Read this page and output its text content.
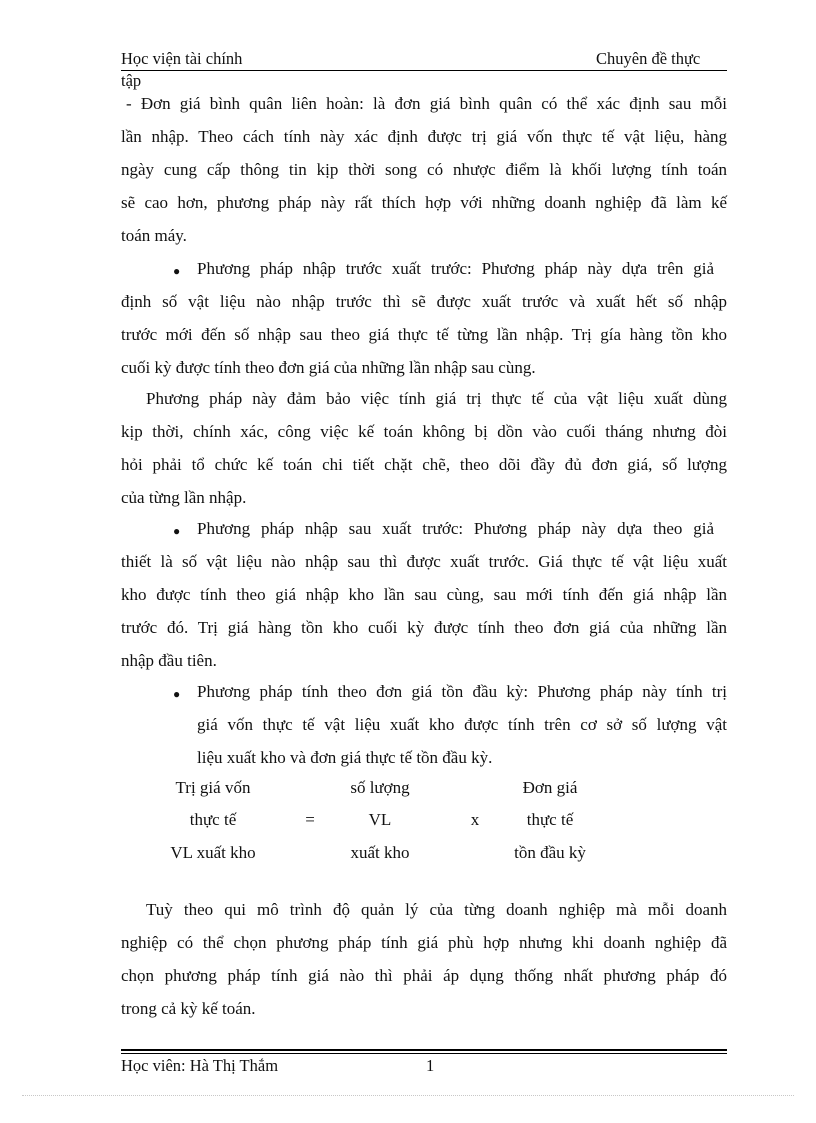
Học viện tài chính	Chuyên đề thực
tập
- Đơn giá bình quân liên hoàn: là đơn giá bình quân có thể xác định sau mỗi
lần nhập. Theo cách tính này xác định được trị giá vốn thực tế vật liệu, hàng
ngày cung cấp thông tin kịp thời song có nhược điểm là khối lượng tính toán
sẽ cao hơn, phương pháp này rất thích hợp với những doanh nghiệp đã làm kế
toán máy.
● Phương pháp nhập trước xuất trước: Phương pháp này dựa trên giả
định số vật liệu nào nhập trước thì sẽ được xuất trước và xuất hết số nhập
trước mới đến số nhập sau theo giá thực tế từng lần nhập. Trị gía hàng tồn kho
cuối kỳ được tính theo đơn giá của những lần nhập sau cùng.
Phương pháp này đảm bảo việc tính giá trị thực tế của vật liệu xuất dùng
kịp thời, chính xác, công việc kế toán không bị dồn vào cuối tháng nhưng đòi
hỏi phải tổ chức kế toán chi tiết chặt chẽ, theo dõi đầy đủ đơn giá, số lượng
của từng lần nhập.
● Phương pháp nhập sau xuất trước: Phương pháp này dựa theo giả
thiết là số vật liệu nào nhập sau thì được xuất trước. Giá thực tế vật liệu xuất
kho được tính theo giá nhập kho lần sau cùng, sau mới tính đến giá nhập lần
trước đó. Trị giá hàng tồn kho cuối kỳ được tính theo đơn giá của những lần
nhập đầu tiên.
● Phương pháp tính theo đơn giá tồn đầu kỳ: Phương pháp này tính trị
giá vốn thực tế vật liệu xuất kho được tính trên cơ sở số lượng vật
liệu xuất kho và đơn giá thực tế tồn đầu kỳ.
Trị giá vốn
thực tế
VL xuất kho
=
số lượng
VL
xuất kho
x
Đơn giá
thực tế
tồn đầu kỳ
Tuỳ theo qui mô trình độ quản lý của từng doanh nghiệp mà mỗi doanh
nghiệp có thể chọn phương pháp tính giá phù hợp nhưng khi doanh nghiệp đã
chọn phương pháp tính giá nào thì phải áp dụng thống nhất phương pháp đó
trong cả kỳ kế toán.
Học viên: Hà Thị Thắm	1
